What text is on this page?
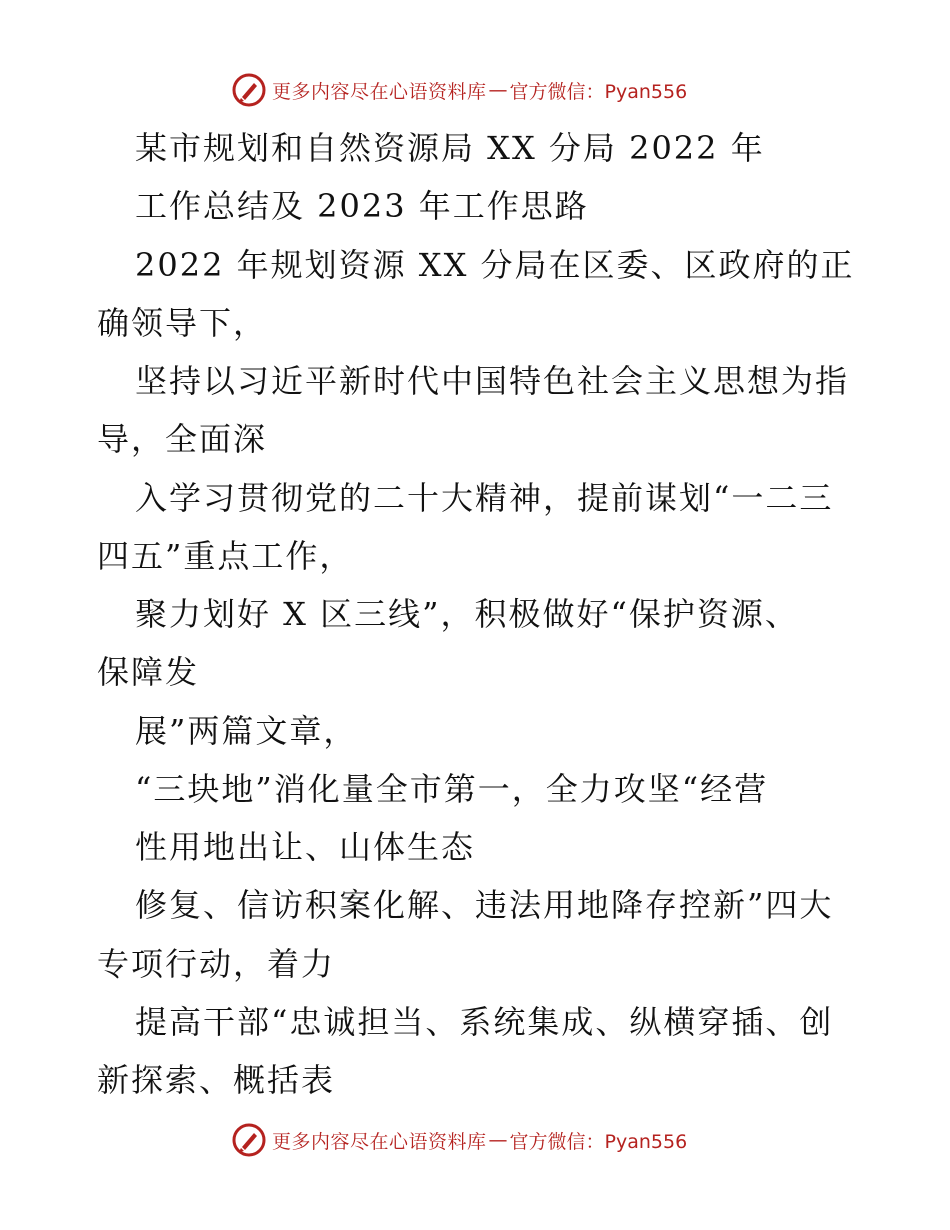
更多内容尽在心语资料库 — 官方微信：Pyan556
某市规划和自然资源局 XX 分局 2022 年
工作总结及 2023 年工作思路
2022 年规划资源 XX 分局在区委、区政府的正
确领导下，
坚持以习近平新时代中国特色社会主义思想为指
导，全面深
入学习贯彻党的二十大精神，提前谋划“一二三
四五”重点工作，
聚力划好 X 区三线”，积极做好“保护资源、
保障发
展”两篇文章，
“三块地”消化量全市第一，全力攻坚“经营
性用地出让、山体生态
修复、信访积案化解、违法用地降存控新”四大
专项行动，着力
提高干部“忠诚担当、系统集成、纵横穿插、创
新探索、概括表
更多内容尽在心语资料库 — 官方微信：Pyan556
